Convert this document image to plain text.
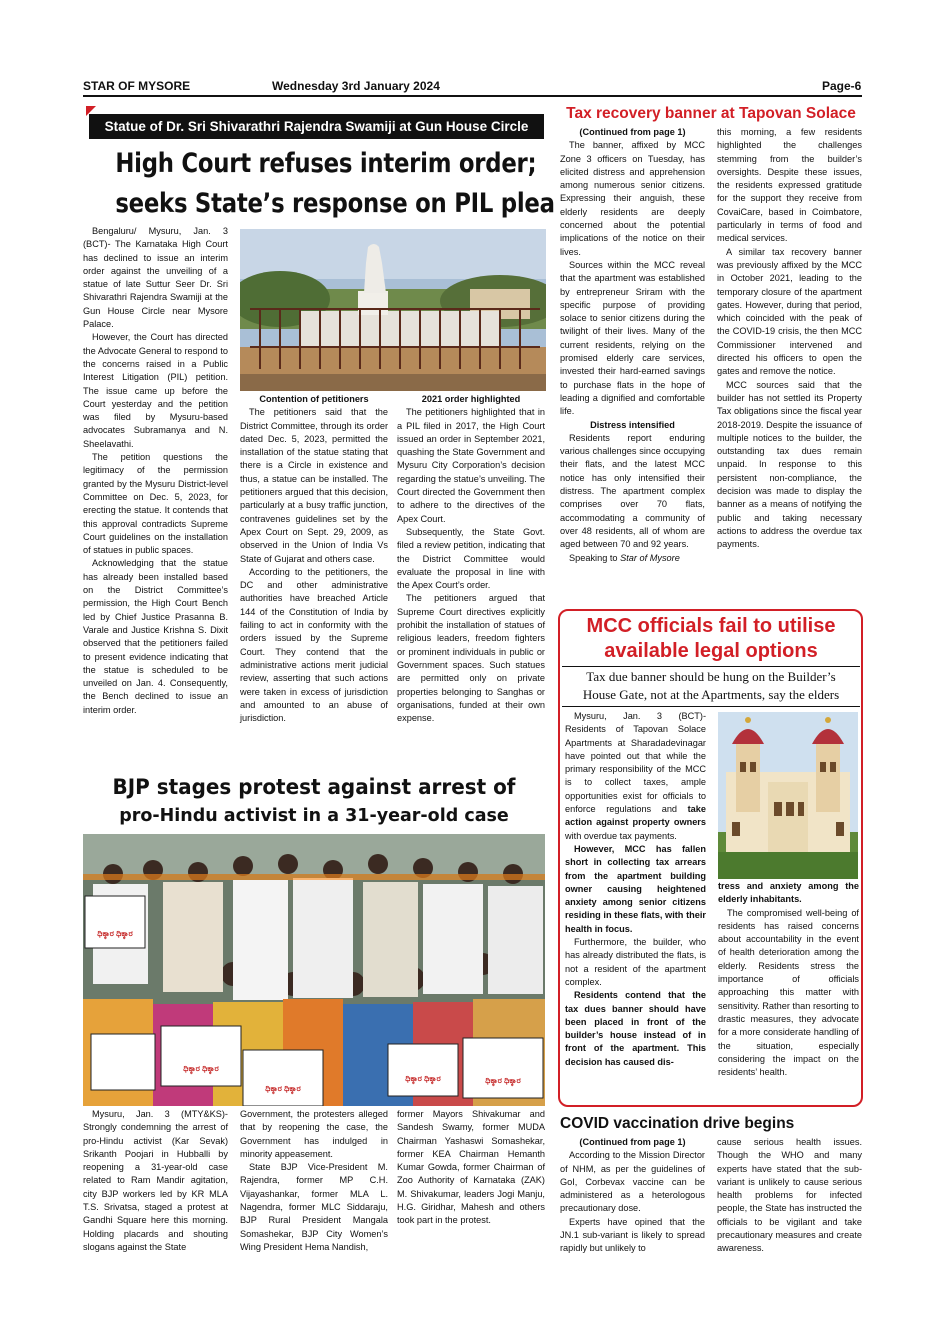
STAR OF MYSORE	Wednesday 3rd January 2024	Page-6
Statue of Dr. Sri Shivarathri Rajendra Swamiji at Gun House Circle
High Court refuses interim order;
seeks State’s response on PIL plea

Bengaluru/ Mysuru, Jan. 3 (BCT)- The Karnataka High Court has declined to issue an interim order against the unveiling of a statue of late Suttur Seer Dr. Sri Shivarathri Rajendra Swamiji at the Gun House Circle near Mysore Palace.

However, the Court has directed the Advocate General to respond to the concerns raised in a Public Interest Litigation (PIL) petition. The issue came up before the Court yesterday and the petition was filed by Mysuru-based advocates Subramanya and N. Sheelavathi.

The petition questions the legitimacy of the permission granted by the Mysuru District-level Committee on Dec. 5, 2023, for erecting the statue. It contends that this approval contradicts Supreme Court guidelines on the installation of statues in public spaces.

Acknowledging that the statue has already been installed based on the District Committee’s permission, the High Court Bench led by Chief Justice Prasanna B. Varale and Justice Krishna S. Dixit observed that the petitioners failed to present evidence indicating that the statue is scheduled to be unveiled on Jan. 4. Consequently, the Bench declined to issue an interim order.

Contention of petitioners

The petitioners said that the District Committee, through its order dated Dec. 5, 2023, permitted the installation of the statue stating that there is a Circle in existence and thus, a statue can be installed. The petitioners argued that this decision, particularly at a busy traffic junction, contravenes guidelines set by the Apex Court on Sept. 29, 2009, as observed in the Union of India Vs State of Gujarat and others case.

According to the petitioners, the DC and other administrative authorities have breached Article 144 of the Constitution of India by failing to act in conformity with the orders issued by the Supreme Court. They contend that the administrative actions merit judicial review, asserting that such actions were taken in excess of jurisdiction and amounted to an abuse of jurisdiction.

2021 order highlighted

The petitioners highlighted that in a PIL filed in 2017, the High Court issued an order in September 2021, quashing the State Government and Mysuru City Corporation’s decision regarding the statue’s unveiling. The Court directed the Government then to adhere to the directives of the Apex Court.

Subsequently, the State Govt. filed a review petition, indicating that the District Committee would evaluate the proposal in line with the Apex Court’s order.

The petitioners argued that Supreme Court directives explicitly prohibit the installation of statues of religious leaders, freedom fighters or prominent individuals in public or Government spaces. Such statues are permitted only on private properties belonging to Sanghas or organisations, funded at their own expense.

BJP stages protest against arrest of
pro-Hindu activist in a 31-year-old case
ಧಿಕ್ಕಾರ ಧಿಕ್ಕಾರ
ಧಿಕ್ಕಾರ ಧಿಕ್ಕಾರ
ಧಿಕ್ಕಾರ ಧಿಕ್ಕಾರ
ಧಿಕ್ಕಾರ ಧಿಕ್ಕಾರ	ಧಿಕ್ಕಾರ ಧಿಕ್ಕಾರ

Mysuru, Jan. 3 (MTY&KS)- Strongly condemning the arrest of pro-Hindu activist (Kar Sevak) Srikanth Poojari in Hubballi by reopening a 31-year-old case related to Ram Mandir agitation, city BJP workers led by KR MLA T.S. Srivatsa, staged a protest at Gandhi Square here this morning. Holding placards and shouting slogans against the State

Government, the protesters alleged that by reopening the case, the Government has indulged in minority appeasement.

State BJP Vice-President M. Rajendra, former MP C.H. Vijayashankar, former MLA L. Nagendra, former MLC Siddaraju, BJP Rural President Mangala Somashekar, BJP City Women’s Wing President Hema Nandish,

former Mayors Shivakumar and Sandesh Swamy, former MUDA Chairman Yashaswi Somashekar, former KEA Chairman Hemanth Kumar Gowda, former Chairman of Zoo Authority of Karnataka (ZAK) M. Shivakumar, leaders Jogi Manju, H.G. Giridhar, Mahesh and others took part in the protest.

Tax recovery banner at Tapovan Solace

(Continued from page 1)

The banner, affixed by MCC Zone 3 officers on Tuesday, has elicited distress and apprehension among numerous senior citizens. Expressing their anguish, these elderly residents are deeply concerned about the potential implications of the notice on their lives.

Sources within the MCC reveal that the apartment was established by entrepreneur Sriram with the specific purpose of providing solace to senior citizens during the twilight of their lives. Many of the current residents, relying on the promised elderly care services, invested their hard-earned savings to purchase flats in the hope of leading a dignified and comfortable life.

Distress intensified

Residents report enduring various challenges since occupying their flats, and the latest MCC notice has only intensified their distress. The apartment complex comprises over 70 flats, accommodating a community of over 48 residents, all of whom are aged between 70 and 92 years.

Speaking to Star of Mysore

this morning, a few residents highlighted the challenges stemming from the builder’s oversights. Despite these issues, the residents expressed gratitude for the support they receive from CovaiCare, based in Coimbatore, particularly in terms of food and medical services.

A similar tax recovery banner was previously affixed by the MCC in October 2021, leading to the temporary closure of the apartment gates. However, during that period, which coincided with the peak of the COVID-19 crisis, the then MCC Commissioner intervened and directed his officers to open the gates and remove the notice.

MCC sources said that the builder has not settled its Property Tax obligations since the fiscal year 2018-2019. Despite the issuance of multiple notices to the builder, the outstanding tax dues remain unpaid. In response to this persistent non-compliance, the decision was made to display the banner as a means of notifying the public and taking necessary actions to address the overdue tax payments.

MCC officials fail to utilise
available legal options
Tax due banner should be hung on the Builder’s
House Gate, not at the Apartments, say the elders

Mysuru, Jan. 3 (BCT)- Residents of Tapovan Solace Apartments at Sharadadevinagar have pointed out that while the primary responsibility of the MCC is to collect taxes, ample opportunities exist for officials to enforce regulations and take action against property owners with overdue tax payments.

However, MCC has fallen short in collecting tax arrears from the apartment building owner causing heightened anxiety among senior citizens residing in these flats, with their health in focus.

Furthermore, the builder, who has already distributed the flats, is not a resident of the apartment complex.

Residents contend that the tax dues banner should have been placed in front of the builder’s house instead of in front of the apartment. This decision has caused dis-

tress and anxiety among the elderly inhabitants.

The compromised well-being of residents has raised concerns about accountability in the event of health deterioration among the elderly. Residents stress the importance of officials approaching this matter with sensitivity. Rather than resorting to drastic measures, they advocate for a more considerate handling of the situation, especially considering the impact on the residents’ health.

COVID vaccination drive begins

(Continued from page 1)

According to the Mission Director of NHM, as per the guidelines of GoI, Corbevax vaccine can be administered as a heterologous precautionary dose.

Experts have opined that the JN.1 sub-variant is likely to spread rapidly but unlikely to

cause serious health issues. Though the WHO and many experts have stated that the sub-variant is unlikely to cause serious health problems for infected people, the State has instructed the officials to be vigilant and take precautionary measures and create awareness.
